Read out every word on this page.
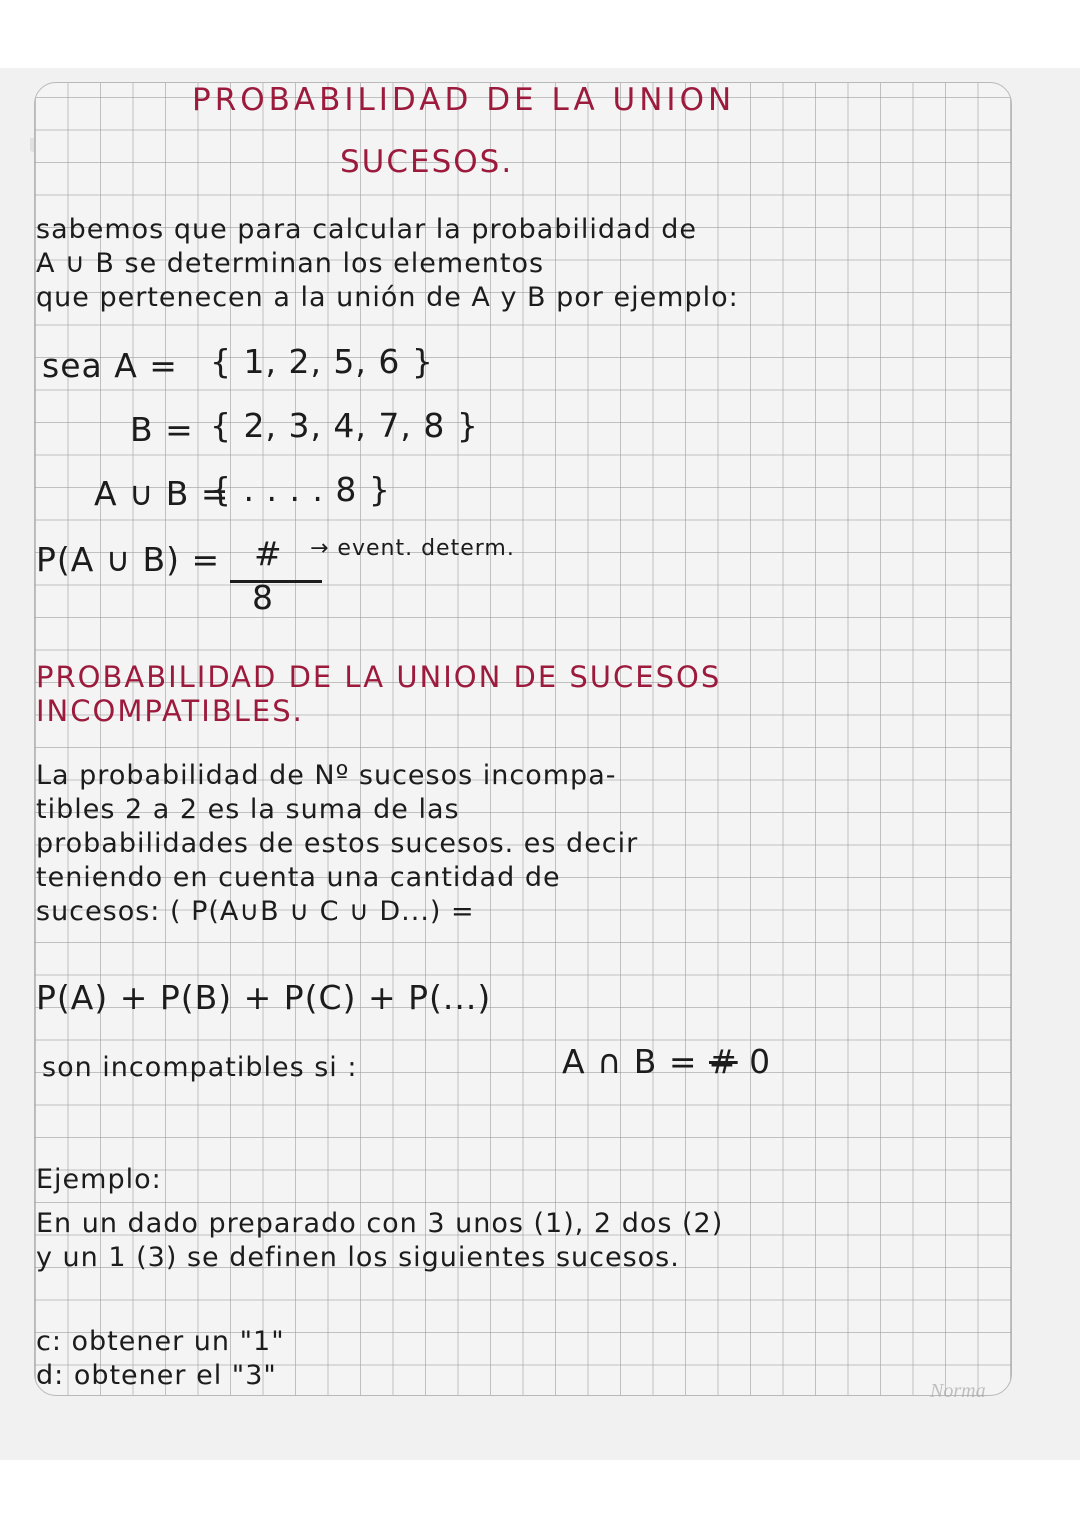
PROBABILIDAD DE LA UNION
SUCESOS.
sabemos que para calcular la probabilidad de
A ∪ B se determinan los elementos
que pertenecen a la unión de A y B por ejemplo:
sea A = { 1, 2, 5, 6 }
B = { 2, 3, 4, 7, 8 }
A ∪ B =
{ . . . . 8 }
P(A ∪ B) = # → event. determ.
8
PROBABILIDAD DE LA UNION DE SUCESOS
INCOMPATIBLES.
La probabilidad de Nº sucesos incompa-
tibles 2 a 2 es la suma de las
probabilidades de estos sucesos. es decir
teniendo en cuenta una cantidad de
sucesos: ( P(A∪B ∪ C ∪ D...) =
P(A) + P(B) + P(C) + P(...)
son incompatibles si :	A ∩ B = # 0
Ejemplo:
En un dado preparado con 3 unos (1), 2 dos (2)
y un 1 (3) se definen los siguientes sucesos.
c: obtener un "1"
d: obtener el "3"	Norma
